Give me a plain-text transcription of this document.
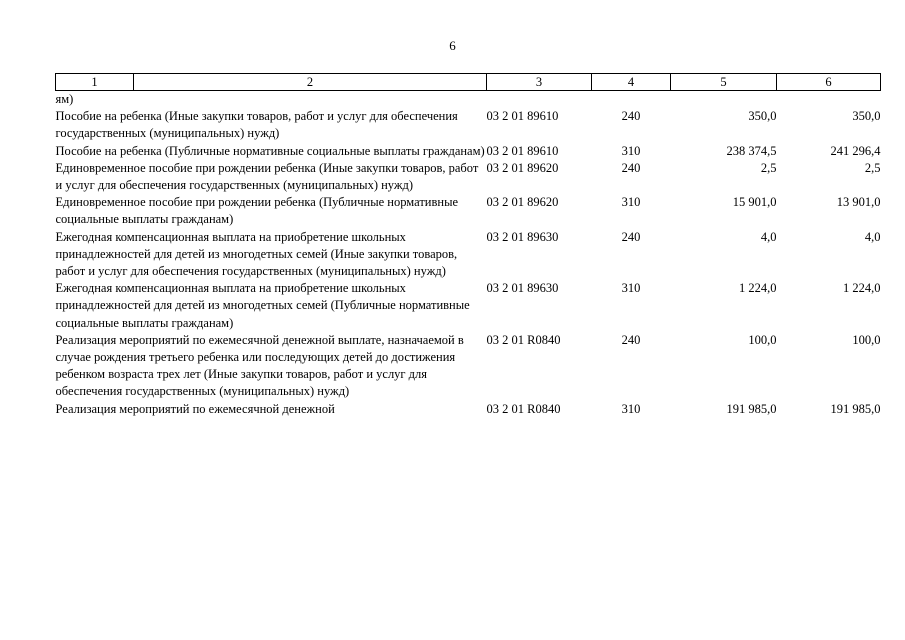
6
1	2	3	4	5	6
ям)					
Пособие на ребенка (Иные закупки товаров, работ и услуг для обеспечения государственных (муниципальных) нужд)		03 2 01 89610	240	350,0	350,0
Пособие на ребенка (Публичные нормативные социальные выплаты гражданам)		03 2 01 89610	310	238 374,5	241 296,4
Единовременное пособие при рождении ребенка (Иные закупки товаров, работ и услуг для обеспечения государственных (муниципальных) нужд)		03 2 01 89620	240	2,5	2,5
Единовременное пособие при рождении ребенка (Публичные нормативные социальные выплаты гражданам)		03 2 01 89620	310	15 901,0	13 901,0
Ежегодная компенсационная выплата на приобретение школьных принадлежностей для детей из многодетных семей (Иные закупки товаров, работ и услуг для обеспечения государственных (муниципальных) нужд)		03 2 01 89630	240	4,0	4,0
Ежегодная компенсационная выплата на приобретение школьных принадлежностей для детей из многодетных семей (Публичные нормативные социальные выплаты гражданам)		03 2 01 89630	310	1 224,0	1 224,0
Реализация мероприятий по ежемесячной денежной выплате, назначаемой в случае рождения третьего ребенка или последующих детей до достижения ребенком возраста трех лет (Иные закупки товаров, работ и услуг для обеспечения государственных (муниципальных) нужд)		03 2 01 R0840	240	100,0	100,0
Реализация мероприятий по ежемесячной денежной		03 2 01 R0840	310	191 985,0	191 985,0
